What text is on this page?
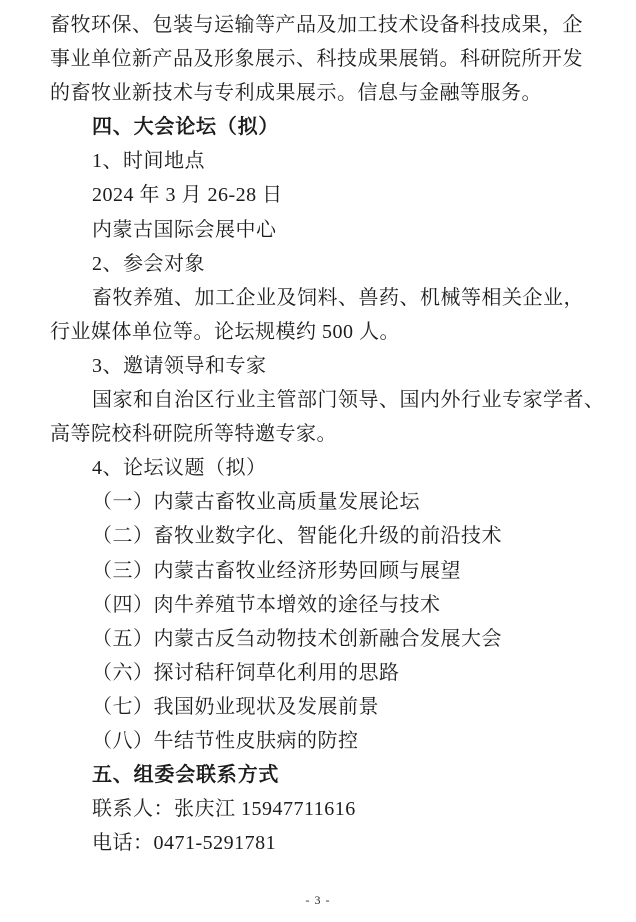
畜牧环保、包装与运输等产品及加工技术设备科技成果，企
事业单位新产品及形象展示、科技成果展销。科研院所开发
的畜牧业新技术与专利成果展示。信息与金融等服务。
四、大会论坛（拟）
1、时间地点
2024 年 3 月 26-28 日
内蒙古国际会展中心
2、参会对象
畜牧养殖、加工企业及饲料、兽药、机械等相关企业，
行业媒体单位等。论坛规模约 500 人。
3、邀请领导和专家
国家和自治区行业主管部门领导、国内外行业专家学者、
高等院校科研院所等特邀专家。
4、论坛议题（拟）
（一）内蒙古畜牧业高质量发展论坛
（二）畜牧业数字化、智能化升级的前沿技术
（三）内蒙古畜牧业经济形势回顾与展望
（四）肉牛养殖节本增效的途径与技术
（五）内蒙古反刍动物技术创新融合发展大会
（六）探讨秸秆饲草化利用的思路
（七）我国奶业现状及发展前景
（八）牛结节性皮肤病的防控
五、组委会联系方式
联系人：张庆江 15947711616
电话：0471-5291781
- 3 -
